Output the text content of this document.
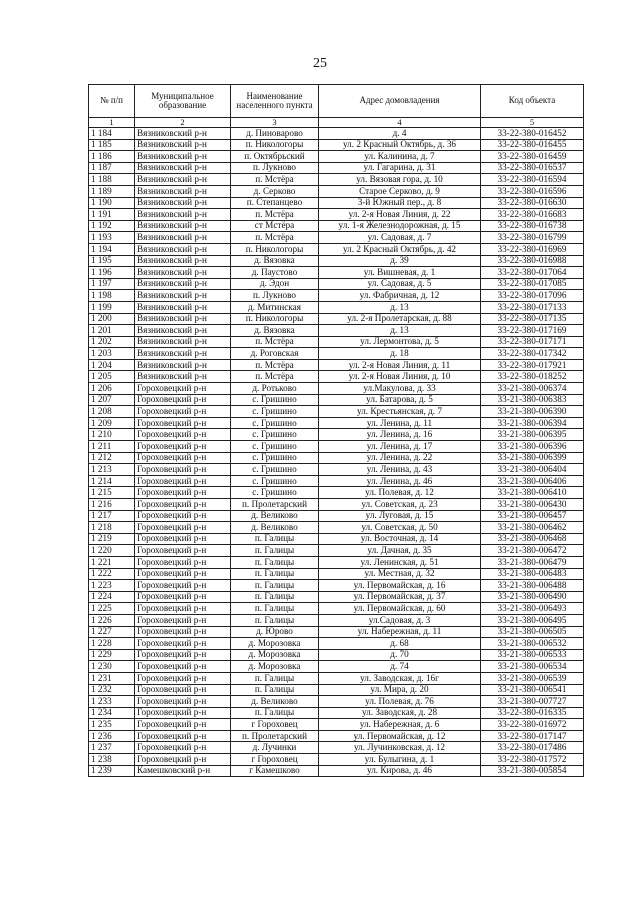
25
№ п/п	Муниципальное образование	Наименование населенного пункта	Адрес домовладения	Код объекта
1	2	3	4	5
1 184	Вязниковский р-н	д. Пиноварово	д. 4	33-22-380-016452
1 185	Вязниковский р-н	п. Никологоры	ул. 2 Красный Октябрь, д. 36	33-22-380-016455
1 186	Вязниковский р-н	п. Октябрьский	ул. Калинина, д. 7	33-22-380-016459
1 187	Вязниковский р-н	п. Лукново	ул. Гагарина, д. 31	33-22-380-016537
1 188	Вязниковский р-н	п. Мстёра	ул. Вязовая гора, д. 10	33-22-380-016594
1 189	Вязниковский р-н	д. Серково	Старое Серково, д. 9	33-22-380-016596
1 190	Вязниковский р-н	п. Степанцево	3-й Южный пер., д. 8	33-22-380-016630
1 191	Вязниковский р-н	п. Мстёра	ул. 2-я Новая Линия, д. 22	33-22-380-016683
1 192	Вязниковский р-н	ст Мстёра	ул. 1-я Железнодорожная, д. 15	33-22-380-016738
1 193	Вязниковский р-н	п. Мстёра	ул. Садовая, д. 7	33-22-380-016799
1 194	Вязниковский р-н	п. Никологоры	ул. 2 Красный Октябрь, д. 42	33-22-380-016969
1 195	Вязниковский р-н	д. Вязовка	д. 39	33-22-380-016988
1 196	Вязниковский р-н	д. Паустово	ул. Вишневая, д. 1	33-22-380-017064
1 197	Вязниковский р-н	д. Эдон	ул. Садовая, д. 5	33-22-380-017085
1 198	Вязниковский р-н	п. Лукново	ул. Фабричная, д. 12	33-22-380-017096
1 199	Вязниковский р-н	д. Митинская	д. 13	33-22-380-017133
1 200	Вязниковский р-н	п. Никологоры	ул. 2-я Пролетарская, д. 88	33-22-380-017135
1 201	Вязниковский р-н	д. Вязовка	д. 13	33-22-380-017169
1 202	Вязниковский р-н	п. Мстёра	ул. Лермонтова, д. 5	33-22-380-017171
1 203	Вязниковский р-н	д. Роговская	д. 18	33-22-380-017342
1 204	Вязниковский р-н	п. Мстёра	ул. 2-я Новая Линия, д. 11	33-22-380-017921
1 205	Вязниковский р-н	п. Мстёра	ул. 2-я Новая Линия, д. 10	33-22-380-018252
1 206	Гороховецкий р-н	д. Ротьково	ул.Макулова, д. 33	33-21-380-006374
1 207	Гороховецкий р-н	с. Гришино	ул. Батарова, д. 5	33-21-380-006383
1 208	Гороховецкий р-н	с. Гришино	ул. Крестьянская, д. 7	33-21-380-006390
1 209	Гороховецкий р-н	с. Гришино	ул. Ленина, д. 11	33-21-380-006394
1 210	Гороховецкий р-н	с. Гришино	ул. Ленина, д. 16	33-21-380-006395
1 211	Гороховецкий р-н	с. Гришино	ул. Ленина, д. 17	33-21-380-006396
1 212	Гороховецкий р-н	с. Гришино	ул. Ленина, д. 22	33-21-380-006399
1 213	Гороховецкий р-н	с. Гришино	ул. Ленина, д. 43	33-21-380-006404
1 214	Гороховецкий р-н	с. Гришино	ул. Ленина, д. 46	33-21-380-006406
1 215	Гороховецкий р-н	с. Гришино	ул. Полевая, д. 12	33-21-380-006410
1 216	Гороховецкий р-н	п. Пролетарский	ул. Советская, д. 23	33-21-380-006430
1 217	Гороховецкий р-н	д. Великово	ул. Луговая, д. 15	33-21-380-006457
1 218	Гороховецкий р-н	д. Великово	ул. Советская, д. 50	33-21-380-006462
1 219	Гороховецкий р-н	п. Галицы	ул. Восточная, д. 14	33-21-380-006468
1 220	Гороховецкий р-н	п. Галицы	ул. Дачная, д. 35	33-21-380-006472
1 221	Гороховецкий р-н	п. Галицы	ул. Ленинская, д. 51	33-21-380-006479
1 222	Гороховецкий р-н	п. Галицы	ул. Местная, д. 32	33-21-380-006483
1 223	Гороховецкий р-н	п. Галицы	ул. Первомайская, д. 16	33-21-380-006488
1 224	Гороховецкий р-н	п. Галицы	ул. Первомайская, д. 37	33-21-380-006490
1 225	Гороховецкий р-н	п. Галицы	ул. Первомайская, д. 60	33-21-380-006493
1 226	Гороховецкий р-н	п. Галицы	ул.Садовая, д. 3	33-21-380-006495
1 227	Гороховецкий р-н	д. Юрово	ул. Набережная, д. 11	33-21-380-006505
1 228	Гороховецкий р-н	д. Морозовка	д. 68	33-21-380-006532
1 229	Гороховецкий р-н	д. Морозовка	д. 70	33-21-380-006533
1 230	Гороховецкий р-н	д. Морозовка	д. 74	33-21-380-006534
1 231	Гороховецкий р-н	п. Галицы	ул. Заводская, д. 16г	33-21-380-006539
1 232	Гороховецкий р-н	п. Галицы	ул. Мира, д. 20	33-21-380-006541
1 233	Гороховецкий р-н	д. Великово	ул. Полевая, д. 76	33-21-380-007727
1 234	Гороховецкий р-н	п. Галицы	ул. Заводская, д. 28	33-22-380-016335
1 235	Гороховецкий р-н	г Гороховец	ул. Набережная, д. 6	33-22-380-016972
1 236	Гороховецкий р-н	п. Пролетарский	ул. Первомайская, д. 12	33-22-380-017147
1 237	Гороховецкий р-н	д. Лучинки	ул. Лучинковская, д. 12	33-22-380-017486
1 238	Гороховецкий р-н	г Гороховец	ул. Булыгина, д. 1	33-22-380-017572
1 239	Камешковский р-н	г Камешково	ул. Кирова, д. 46	33-21-380-005854
